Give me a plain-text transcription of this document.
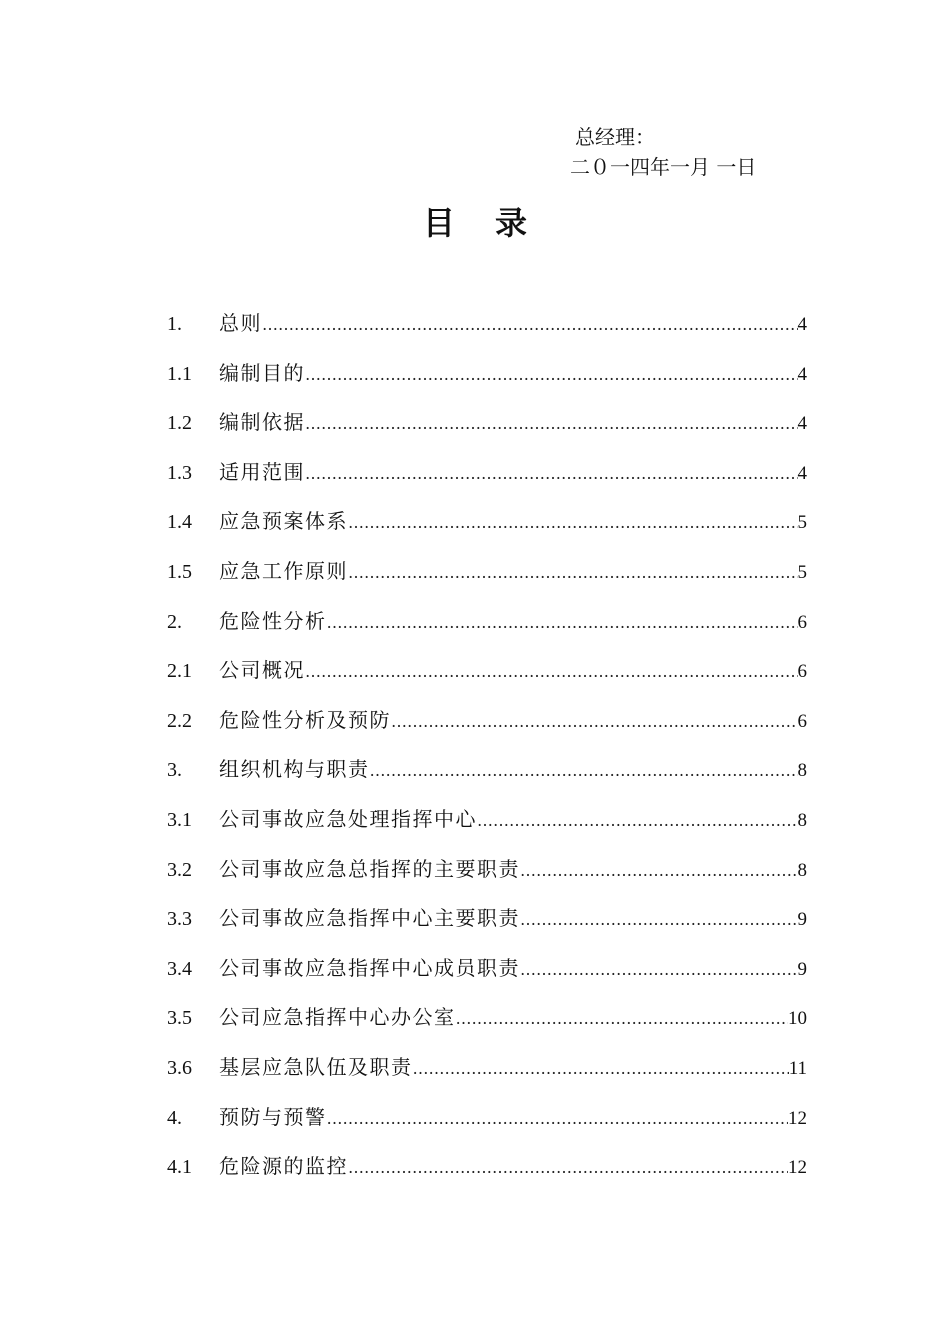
总经理：
二０一四年一月 一日
目录
1.	总则 …………………………………………………………………………………………………………………………………………………………	4
1.1	编制目的 …………………………………………………………………………………………………………………………………………………………	4
1.2	编制依据 …………………………………………………………………………………………………………………………………………………………	4
1.3	适用范围 …………………………………………………………………………………………………………………………………………………………	4
1.4	应急预案体系 …………………………………………………………………………………………………………………………………………………………	5
1.5	应急工作原则 …………………………………………………………………………………………………………………………………………………………	5
2.	危险性分析 …………………………………………………………………………………………………………………………………………………………	6
2.1	公司概况 …………………………………………………………………………………………………………………………………………………………	6
2.2	危险性分析及预防 …………………………………………………………………………………………………………………………………………………………	6
3.	组织机构与职责 …………………………………………………………………………………………………………………………………………………………	8
3.1	公司事故应急处理指挥中心 …………………………………………………………………………………………………………………………………………………………	8
3.2	公司事故应急总指挥的主要职责 …………………………………………………………………………………………………………………………………………………………	8
3.3	公司事故应急指挥中心主要职责 …………………………………………………………………………………………………………………………………………………………	9
3.4	公司事故应急指挥中心成员职责 …………………………………………………………………………………………………………………………………………………………	9
3.5	公司应急指挥中心办公室 …………………………………………………………………………………………………………………………………………………………	10
3.6	基层应急队伍及职责 …………………………………………………………………………………………………………………………………………………………	11
4.	预防与预警 …………………………………………………………………………………………………………………………………………………………	12
4.1	危险源的监控 …………………………………………………………………………………………………………………………………………………………	12
